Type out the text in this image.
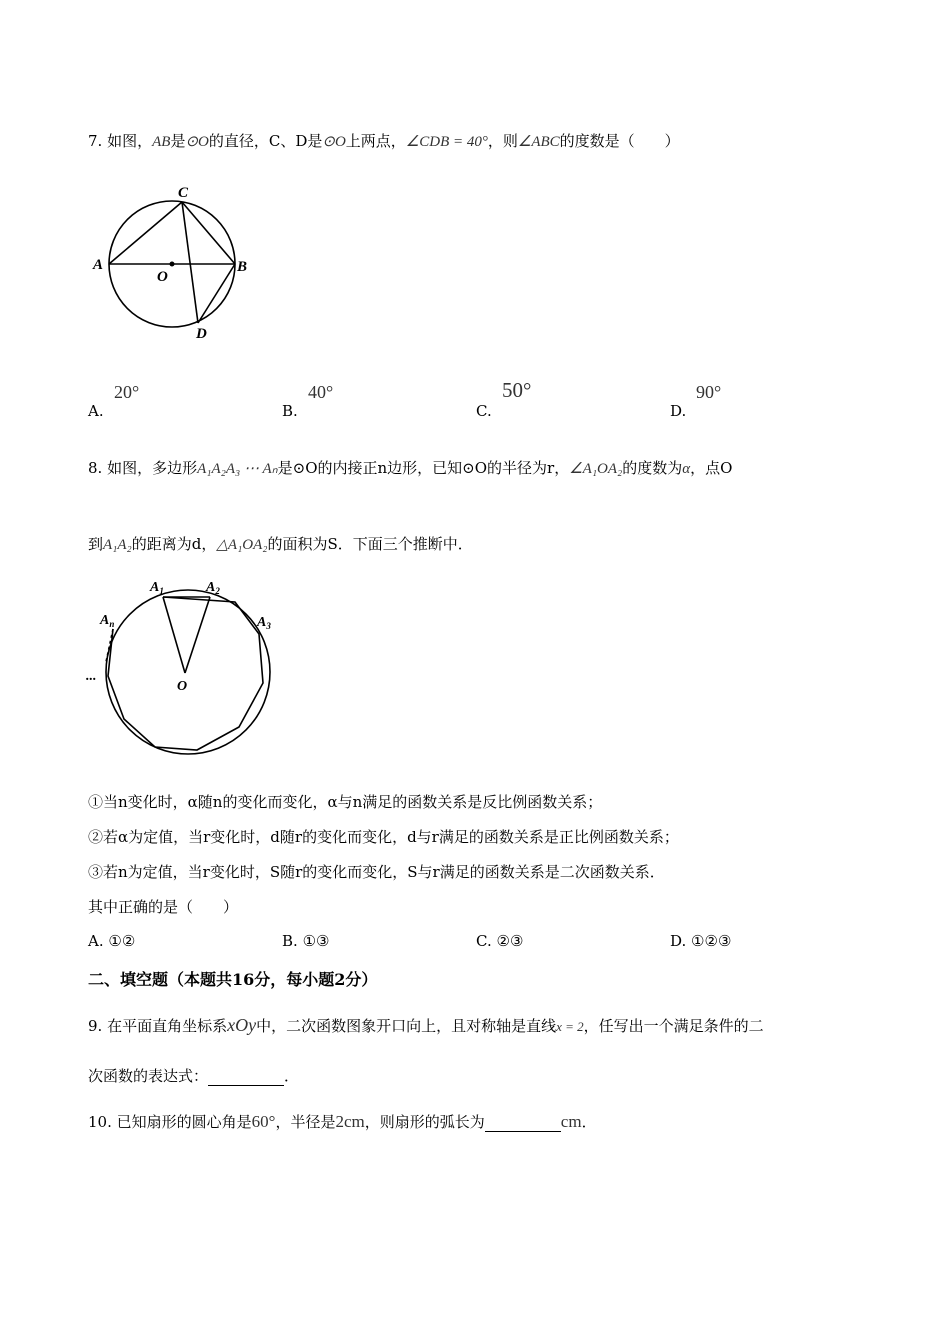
7. 如图，AB是⊙O的直径，C、D是⊙O上两点，∠CDB = 40°，则∠ABC的度数是（　　）
A	B
C
D
O
A.
20°
B.
40°
C.
50°
D.
90°
8. 如图，多边形A₁A₂A₃ ⋯ Aₙ是⊙O的内接正n边形，已知⊙O的半径为r，∠A₁OA₂的度数为α，点O
到A₁A₂的距离为d，△A₁OA₂的面积为S．下面三个推断中．
$A_1$	$A_2$
$A_3$
$A_n$
O
...
①当n变化时，α随n的变化而变化，α与n满足的函数关系是反比例函数关系；
②若α为定值，当r变化时，d随r的变化而变化，d与r满足的函数关系是正比例函数关系；
③若n为定值，当r变化时，S随r的变化而变化，S与r满足的函数关系是二次函数关系．
其中正确的是（　　）
A. ①②	B. ①③	C. ②③	D. ①②③
二、填空题（本题共16分，每小题2分）
9. 在平面直角坐标系xOy中，二次函数图象开口向上，且对称轴是直线x = 2，任写出一个满足条件的二
次函数的表达式：	．
10. 已知扇形的圆心角是60°，半径是2cm，则扇形的弧长为	cm．
